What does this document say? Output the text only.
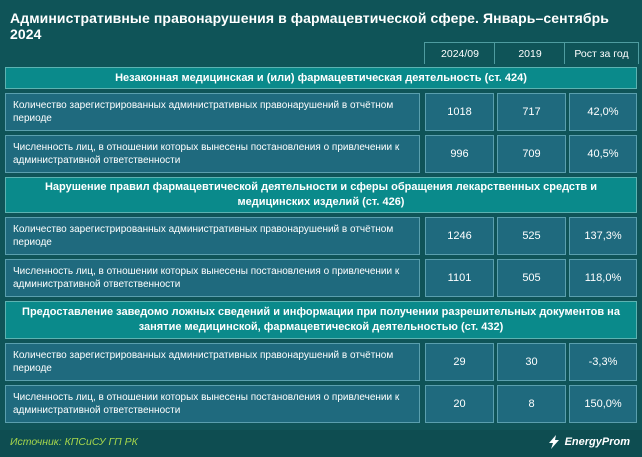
Административные правонарушения в фармацевтической сфере. Январь–сентябрь 2024
2024/09	2019	Рост за год
Незаконная медицинская и (или) фармацевтическая деятельность (ст. 424)
Количество зарегистрированных административных правонарушений в отчётном периоде
1018	717	42,0%
Численность лиц, в отношении которых вынесены постановления о привлечении к административной ответственности
996	709	40,5%
Нарушение правил фармацевтической деятельности и сферы обращения лекарственных средств и медицинских изделий (ст. 426)
Количество зарегистрированных административных правонарушений в отчётном периоде
1246	525	137,3%
Численность лиц, в отношении которых вынесены постановления о привлечении к административной ответственности
1101	505	118,0%
Предоставление заведомо ложных сведений и информации при получении разрешительных документов на занятие медицинской, фармацевтической деятельностью (ст. 432)
Количество зарегистрированных административных правонарушений в отчётном периоде
29	30	-3,3%
Численность лиц, в отношении которых вынесены постановления о привлечении к административной ответственности
20	8	150,0%
Источник: КПСиСУ ГП РК	EnergyProm
